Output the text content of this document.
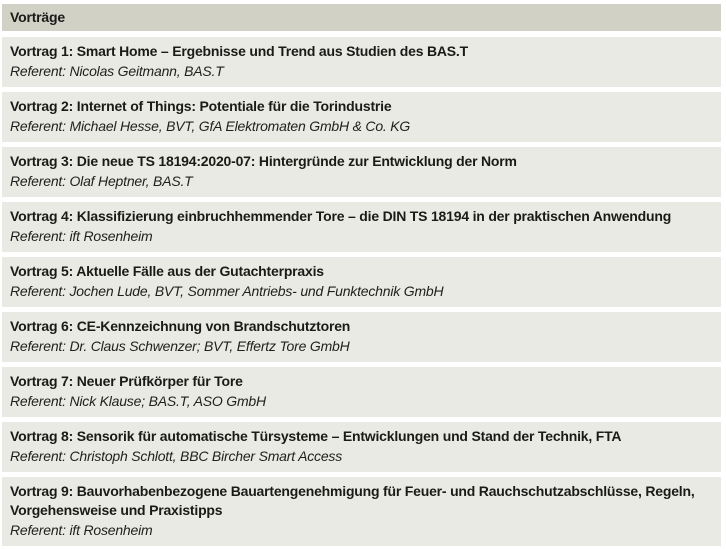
Vorträge
Vortrag 1: Smart Home – Ergebnisse und Trend aus Studien des BAS.T
Referent: Nicolas Geitmann, BAS.T
Vortrag 2: Internet of Things: Potentiale für die Torindustrie
Referent: Michael Hesse, BVT, GfA Elektromaten GmbH & Co. KG
Vortrag 3: Die neue TS 18194:2020-07: Hintergründe zur Entwicklung der Norm
Referent: Olaf Heptner, BAS.T
Vortrag 4: Klassifizierung einbruchhemmender Tore – die DIN TS 18194 in der praktischen Anwendung
Referent: ift Rosenheim
Vortrag 5: Aktuelle Fälle aus der Gutachterpraxis
Referent: Jochen Lude, BVT, Sommer Antriebs- und Funktechnik GmbH
Vortrag 6: CE-Kennzeichnung von Brandschutztoren
Referent: Dr. Claus Schwenzer; BVT, Effertz Tore GmbH
Vortrag 7: Neuer Prüfkörper für Tore
Referent: Nick Klause; BAS.T, ASO GmbH
Vortrag 8: Sensorik für automatische Türsysteme – Entwicklungen und Stand der Technik, FTA
Referent: Christoph Schlott, BBC Bircher Smart Access
Vortrag 9: Bauvorhabenbezogene Bauartengenehmigung für Feuer- und Rauchschutzabschlüsse, Regeln, Vorgehensweise und Praxistipps
Referent: ift Rosenheim
